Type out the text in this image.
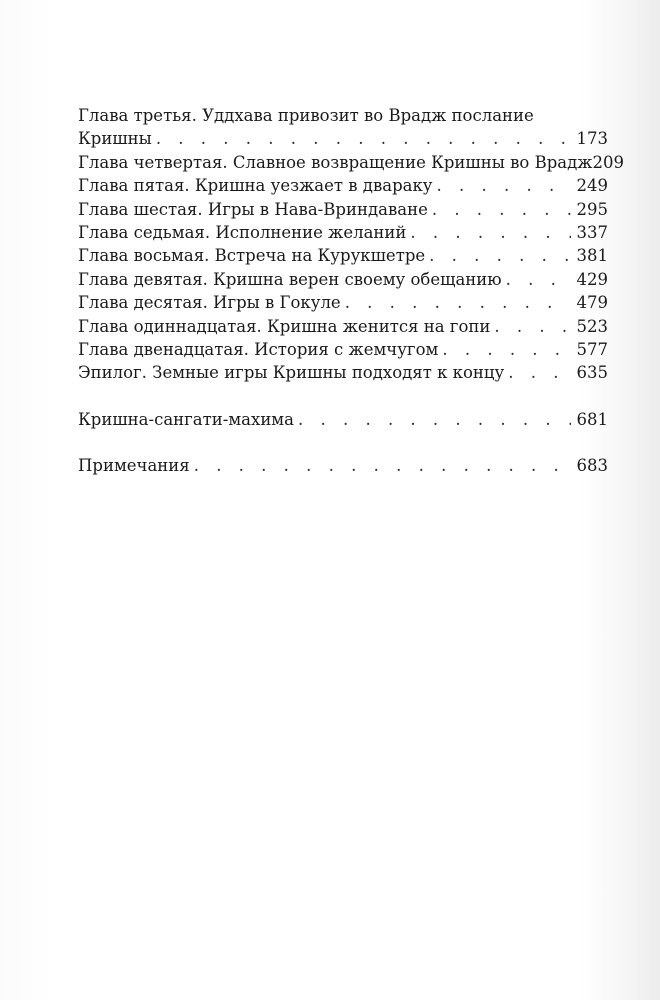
Глава третья. Уддхава привозит во Врадж послание
Кришны . . .	173
Глава четвертая. Славное возвращение Кришны во Врадж 209
Глава пятая. Кришна уезжает в двараку . . .	249
Глава шестая. Игры в Нава-Вриндаване . . .	295
Глава седьмая. Исполнение желаний . . .	337
Глава восьмая. Встреча на Курукшетре . . .	381
Глава девятая. Кришна верен своему обещанию . . .	429
Глава десятая. Игры в Гокуле . . .	479
Глава одиннадцатая. Кришна женится на гопи . . .	523
Глава двенадцатая. История с жемчугом . . .	577
Эпилог. Земные игры Кришны подходят к концу . . .	635
Кришна-сангати-махима . . .	681
Примечания . . .	683
